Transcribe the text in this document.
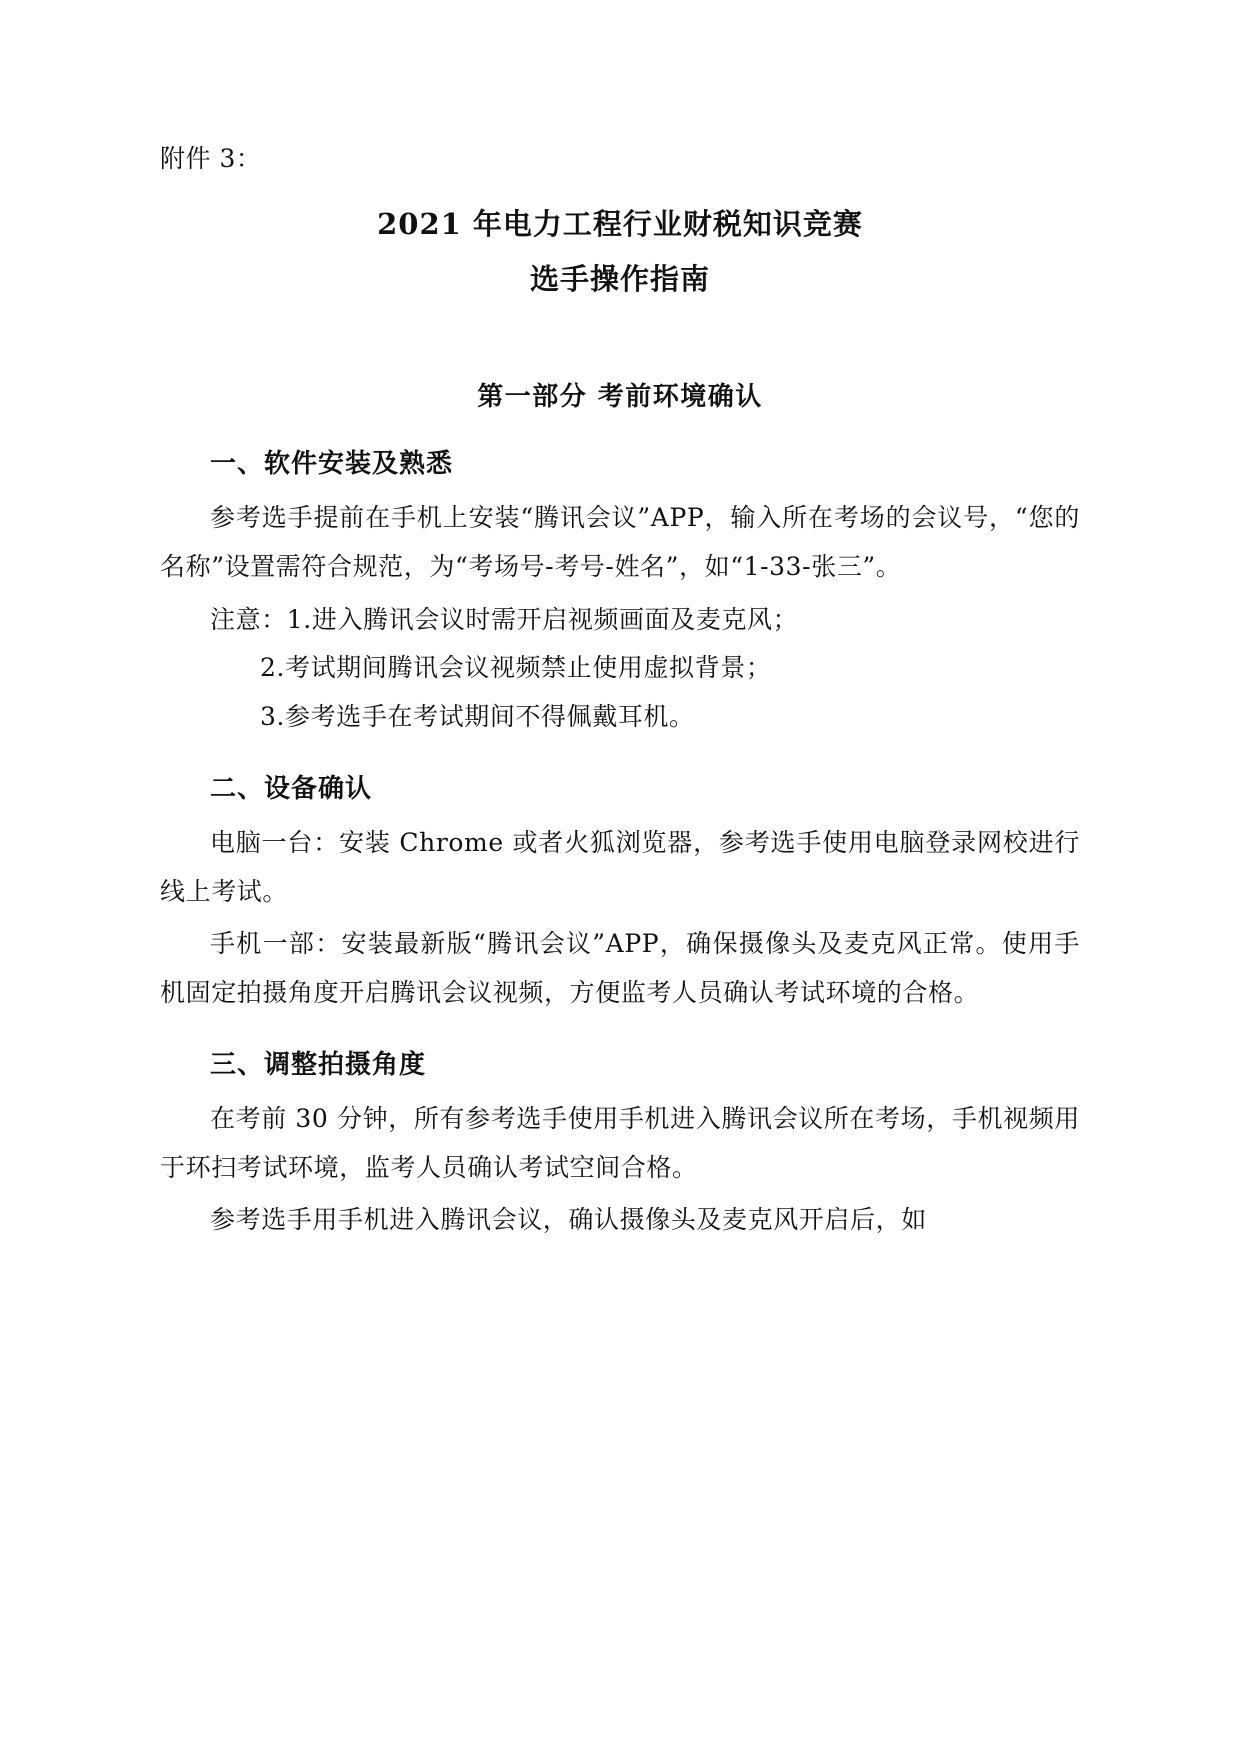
附件 3：
2021 年电力工程行业财税知识竞赛
选手操作指南
第一部分 考前环境确认
一、软件安装及熟悉

参考选手提前在手机上安装“腾讯会议”APP，输入所在考场的会议号，“您的名称”设置需符合规范，为“考场号-考号-姓名”，如“1-33-张三”。

注意：1.进入腾讯会议时需开启视频画面及麦克风；

2.考试期间腾讯会议视频禁止使用虚拟背景；

3.参考选手在考试期间不得佩戴耳机。

二、设备确认

电脑一台：安装 Chrome 或者火狐浏览器，参考选手使用电脑登录网校进行线上考试。

手机一部：安装最新版“腾讯会议”APP，确保摄像头及麦克风正常。使用手机固定拍摄角度开启腾讯会议视频，方便监考人员确认考试环境的合格。

三、调整拍摄角度

在考前 30 分钟，所有参考选手使用手机进入腾讯会议所在考场，手机视频用于环扫考试环境，监考人员确认考试空间合格。

参考选手用手机进入腾讯会议，确认摄像头及麦克风开启后，如
